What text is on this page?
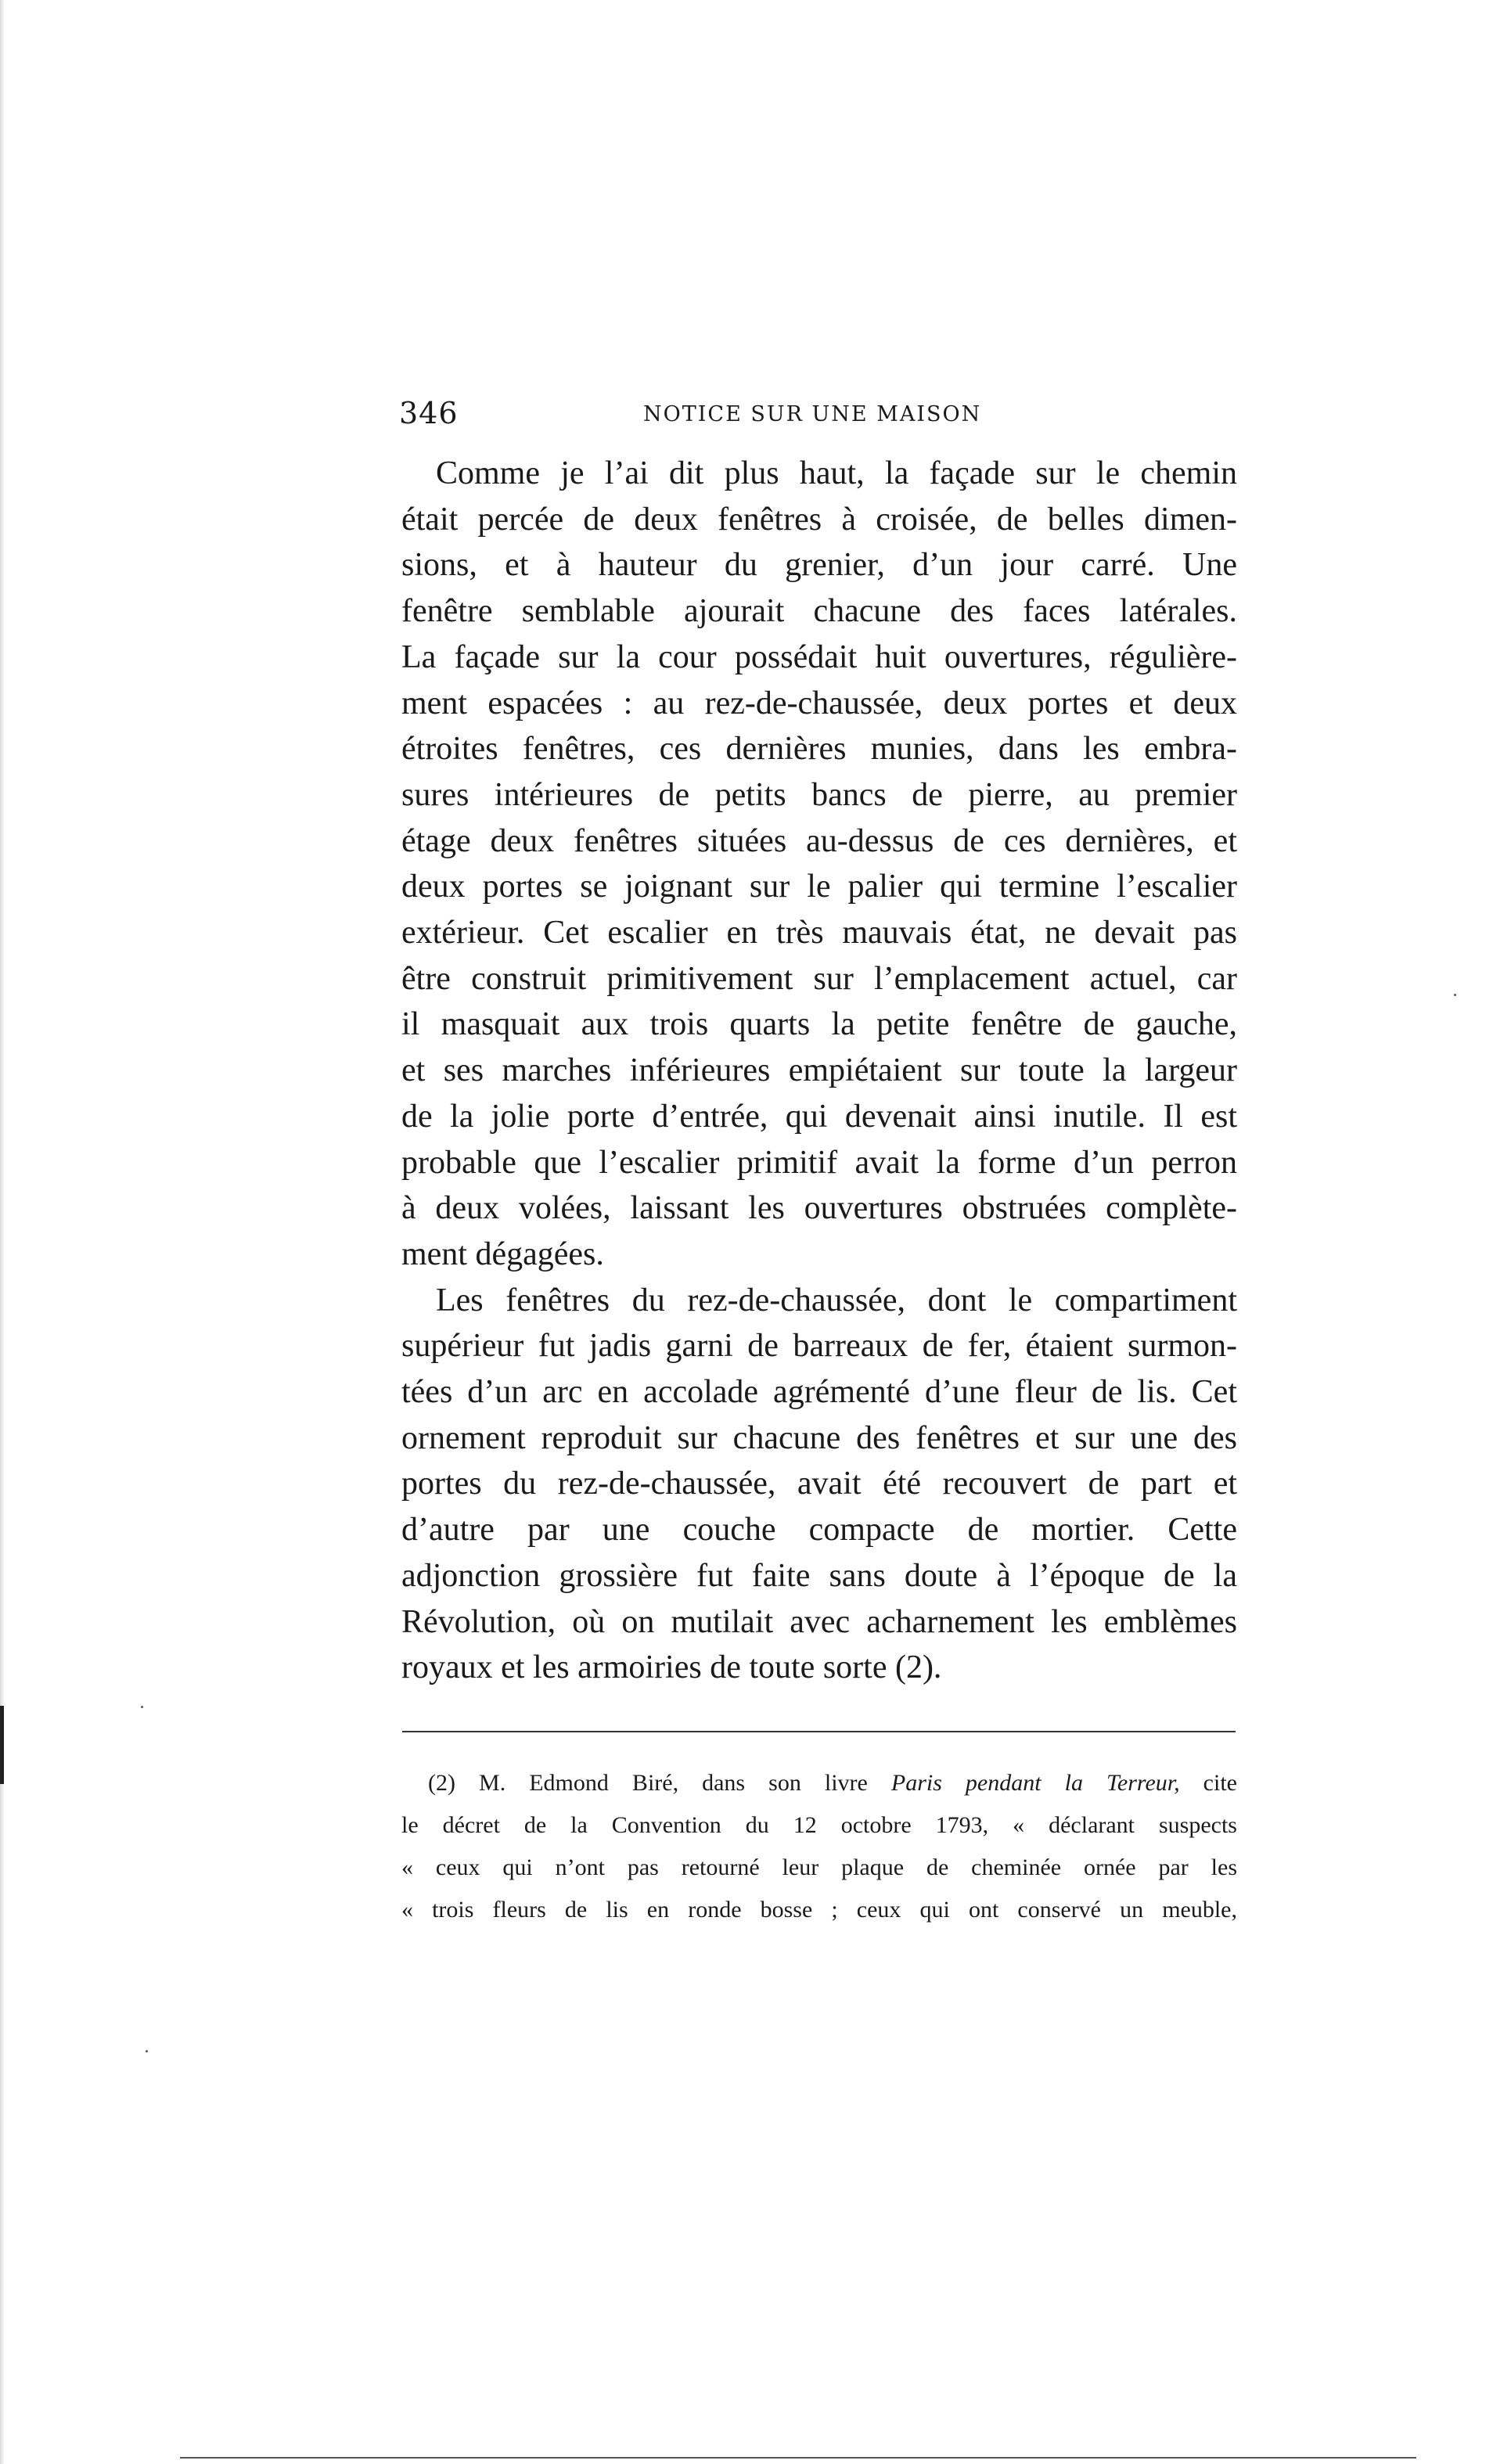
346	NOTICE SUR UNE MAISON

Comme je l’ai dit plus haut, la façade sur le chemin
était percée de deux fenêtres à croisée, de belles dimen-
sions, et à hauteur du grenier, d’un jour carré. Une
fenêtre semblable ajourait chacune des faces latérales.
La façade sur la cour possédait huit ouvertures, régulière-
ment espacées : au rez-de-chaussée, deux portes et deux
étroites fenêtres, ces dernières munies, dans les embra-
sures intérieures de petits bancs de pierre, au premier
étage deux fenêtres situées au-dessus de ces dernières, et
deux portes se joignant sur le palier qui termine l’escalier
extérieur. Cet escalier en très mauvais état, ne devait pas
être construit primitivement sur l’emplacement actuel, car
il masquait aux trois quarts la petite fenêtre de gauche,
et ses marches inférieures empiétaient sur toute la largeur
de la jolie porte d’entrée, qui devenait ainsi inutile. Il est
probable que l’escalier primitif avait la forme d’un perron
à deux volées, laissant les ouvertures obstruées complète-
ment dégagées.

Les fenêtres du rez-de-chaussée, dont le compartiment
supérieur fut jadis garni de barreaux de fer, étaient surmon-
tées d’un arc en accolade agrémenté d’une fleur de lis. Cet
ornement reproduit sur chacune des fenêtres et sur une des
portes du rez-de-chaussée, avait été recouvert de part et
d’autre par une couche compacte de mortier. Cette
adjonction grossière fut faite sans doute à l’époque de la
Révolution, où on mutilait avec acharnement les emblèmes
royaux et les armoiries de toute sorte (2).

(2) M. Edmond Biré, dans son livre Paris pendant la Terreur, cite
le décret de la Convention du 12 octobre 1793, « déclarant suspects
« ceux qui n’ont pas retourné leur plaque de cheminée ornée par les
« trois fleurs de lis en ronde bosse ; ceux qui ont conservé un meuble,
